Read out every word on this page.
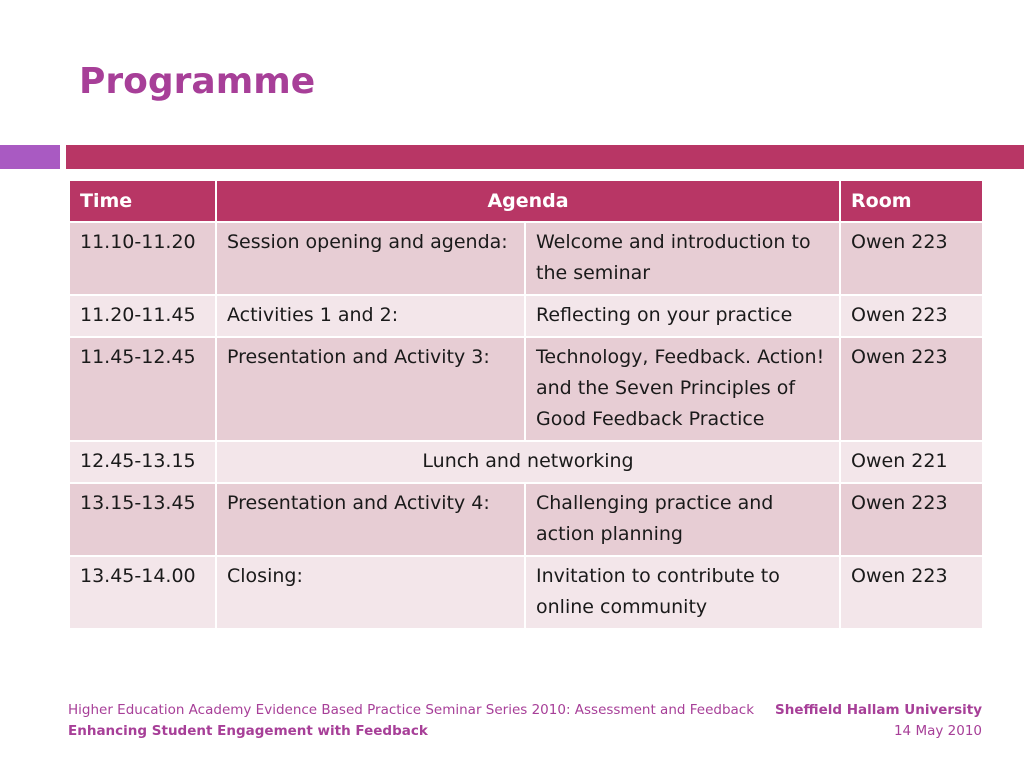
Programme
Time	Agenda		Room
11.10-11.20	Session opening and agenda:	Welcome and introduction to the seminar	Owen 223
11.20-11.45	Activities 1 and 2:	Reflecting on your practice	Owen 223
11.45-12.45	Presentation and Activity 3:	Technology, Feedback. Action! and the Seven Principles of Good Feedback Practice	Owen 223
12.45-13.15	Lunch and networking		Owen 221
13.15-13.45	Presentation and Activity 4:	Challenging practice and action planning	Owen 223
13.45-14.00	Closing:	Invitation to contribute to online community	Owen 223
Higher Education Academy Evidence Based Practice Seminar Series 2010: Assessment and Feedback
Enhancing Student Engagement with Feedback
Sheffield Hallam University
14 May 2010
